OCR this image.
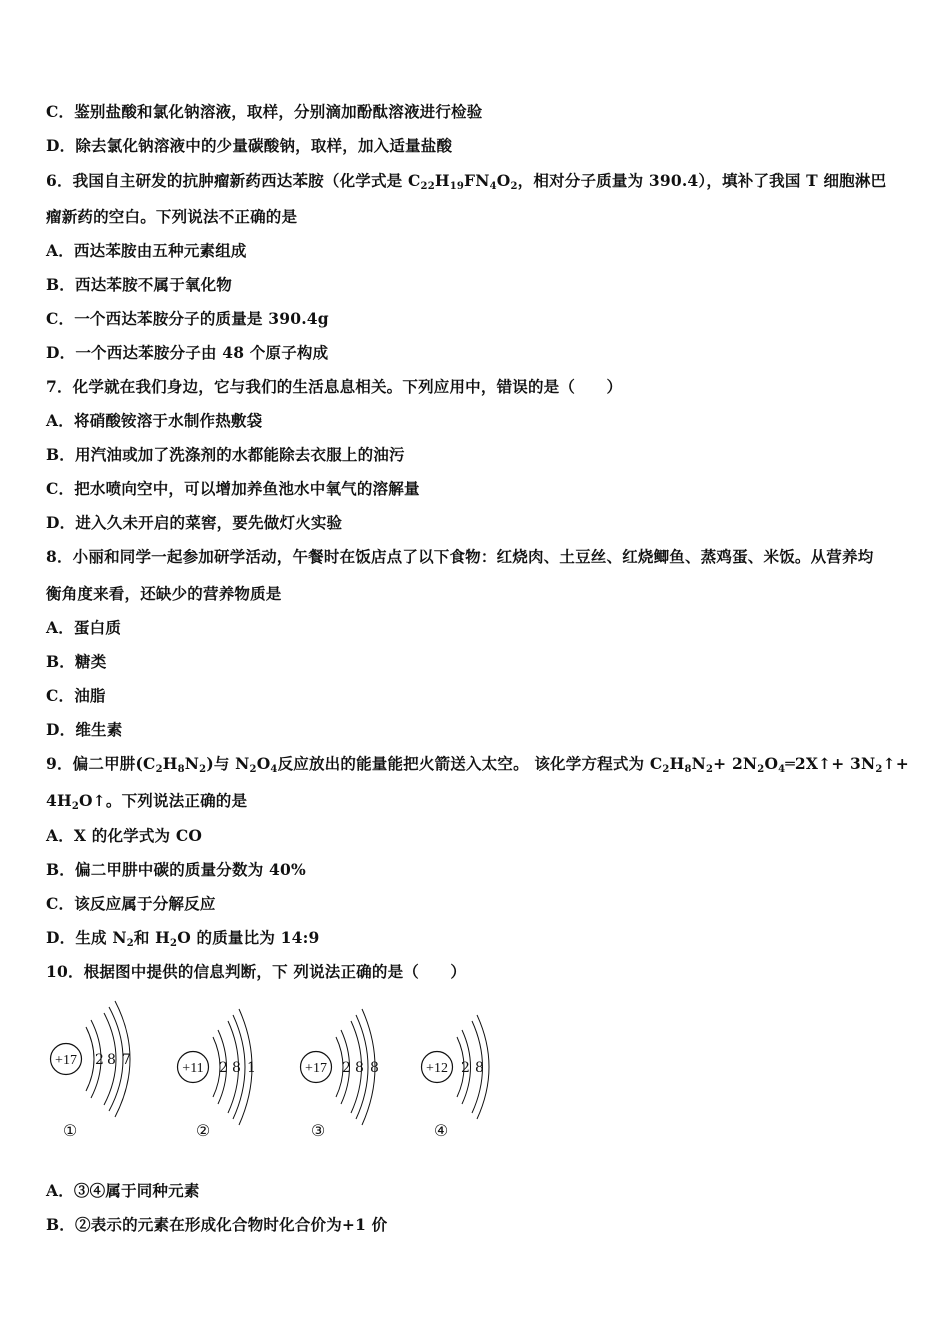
C．鉴别盐酸和氯化钠溶液，取样，分别滴加酚酞溶液进行检验
D．除去氯化钠溶液中的少量碳酸钠，取样，加入适量盐酸
6．我国自主研发的抗肿瘤新药西达苯胺（化学式是 $C_{22}H_{19}FN_4O_2$，相对分子质量为 390.4），填补了我国 T 细胞淋巴
瘤新药的空白。下列说法不正确的是
A．西达苯胺由五种元素组成
B．西达苯胺不属于氧化物
C．一个西达苯胺分子的质量是 390.4g
D．一个西达苯胺分子由 48 个原子构成
7．化学就在我们身边，它与我们的生活息息相关。下列应用中，错误的是（　　）
A．将硝酸铵溶于水制作热敷袋
B．用汽油或加了洗涤剂的水都能除去衣服上的油污
C．把水喷向空中，可以增加养鱼池水中氧气的溶解量
D．进入久未开启的菜窖，要先做灯火实验
8．小丽和同学一起参加研学活动，午餐时在饭店点了以下食物：红烧肉、土豆丝、红烧鲫鱼、蒸鸡蛋、米饭。从营养均
衡角度来看，还缺少的营养物质是
A．蛋白质
B．糖类
C．油脂
D．维生素
9．偏二甲肼$(C_2H_8N_2)$与 $N_2O_4$反应放出的能量能把火箭送入太空。 该化学方程式为 $C_2H_8N_2+$ $2N_2O_4═2X↑+$ $3N_2↑+$
$4H_2O↑$。下列说法正确的是
A．X 的化学式为 CO
B．偏二甲肼中碳的质量分数为 40%
C．该反应属于分解反应
D．生成 $N_2$和 $H_2O$ 的质量比为 14:9
10．根据图中提供的信息判断，下 列说法正确的是（　　）
+17 2 8 7
①
+11 2 8 1
②
+17 2 8 8
③
+12 2 8
④
A．③④属于同种元素
B．②表示的元素在形成化合物时化合价为+1 价
